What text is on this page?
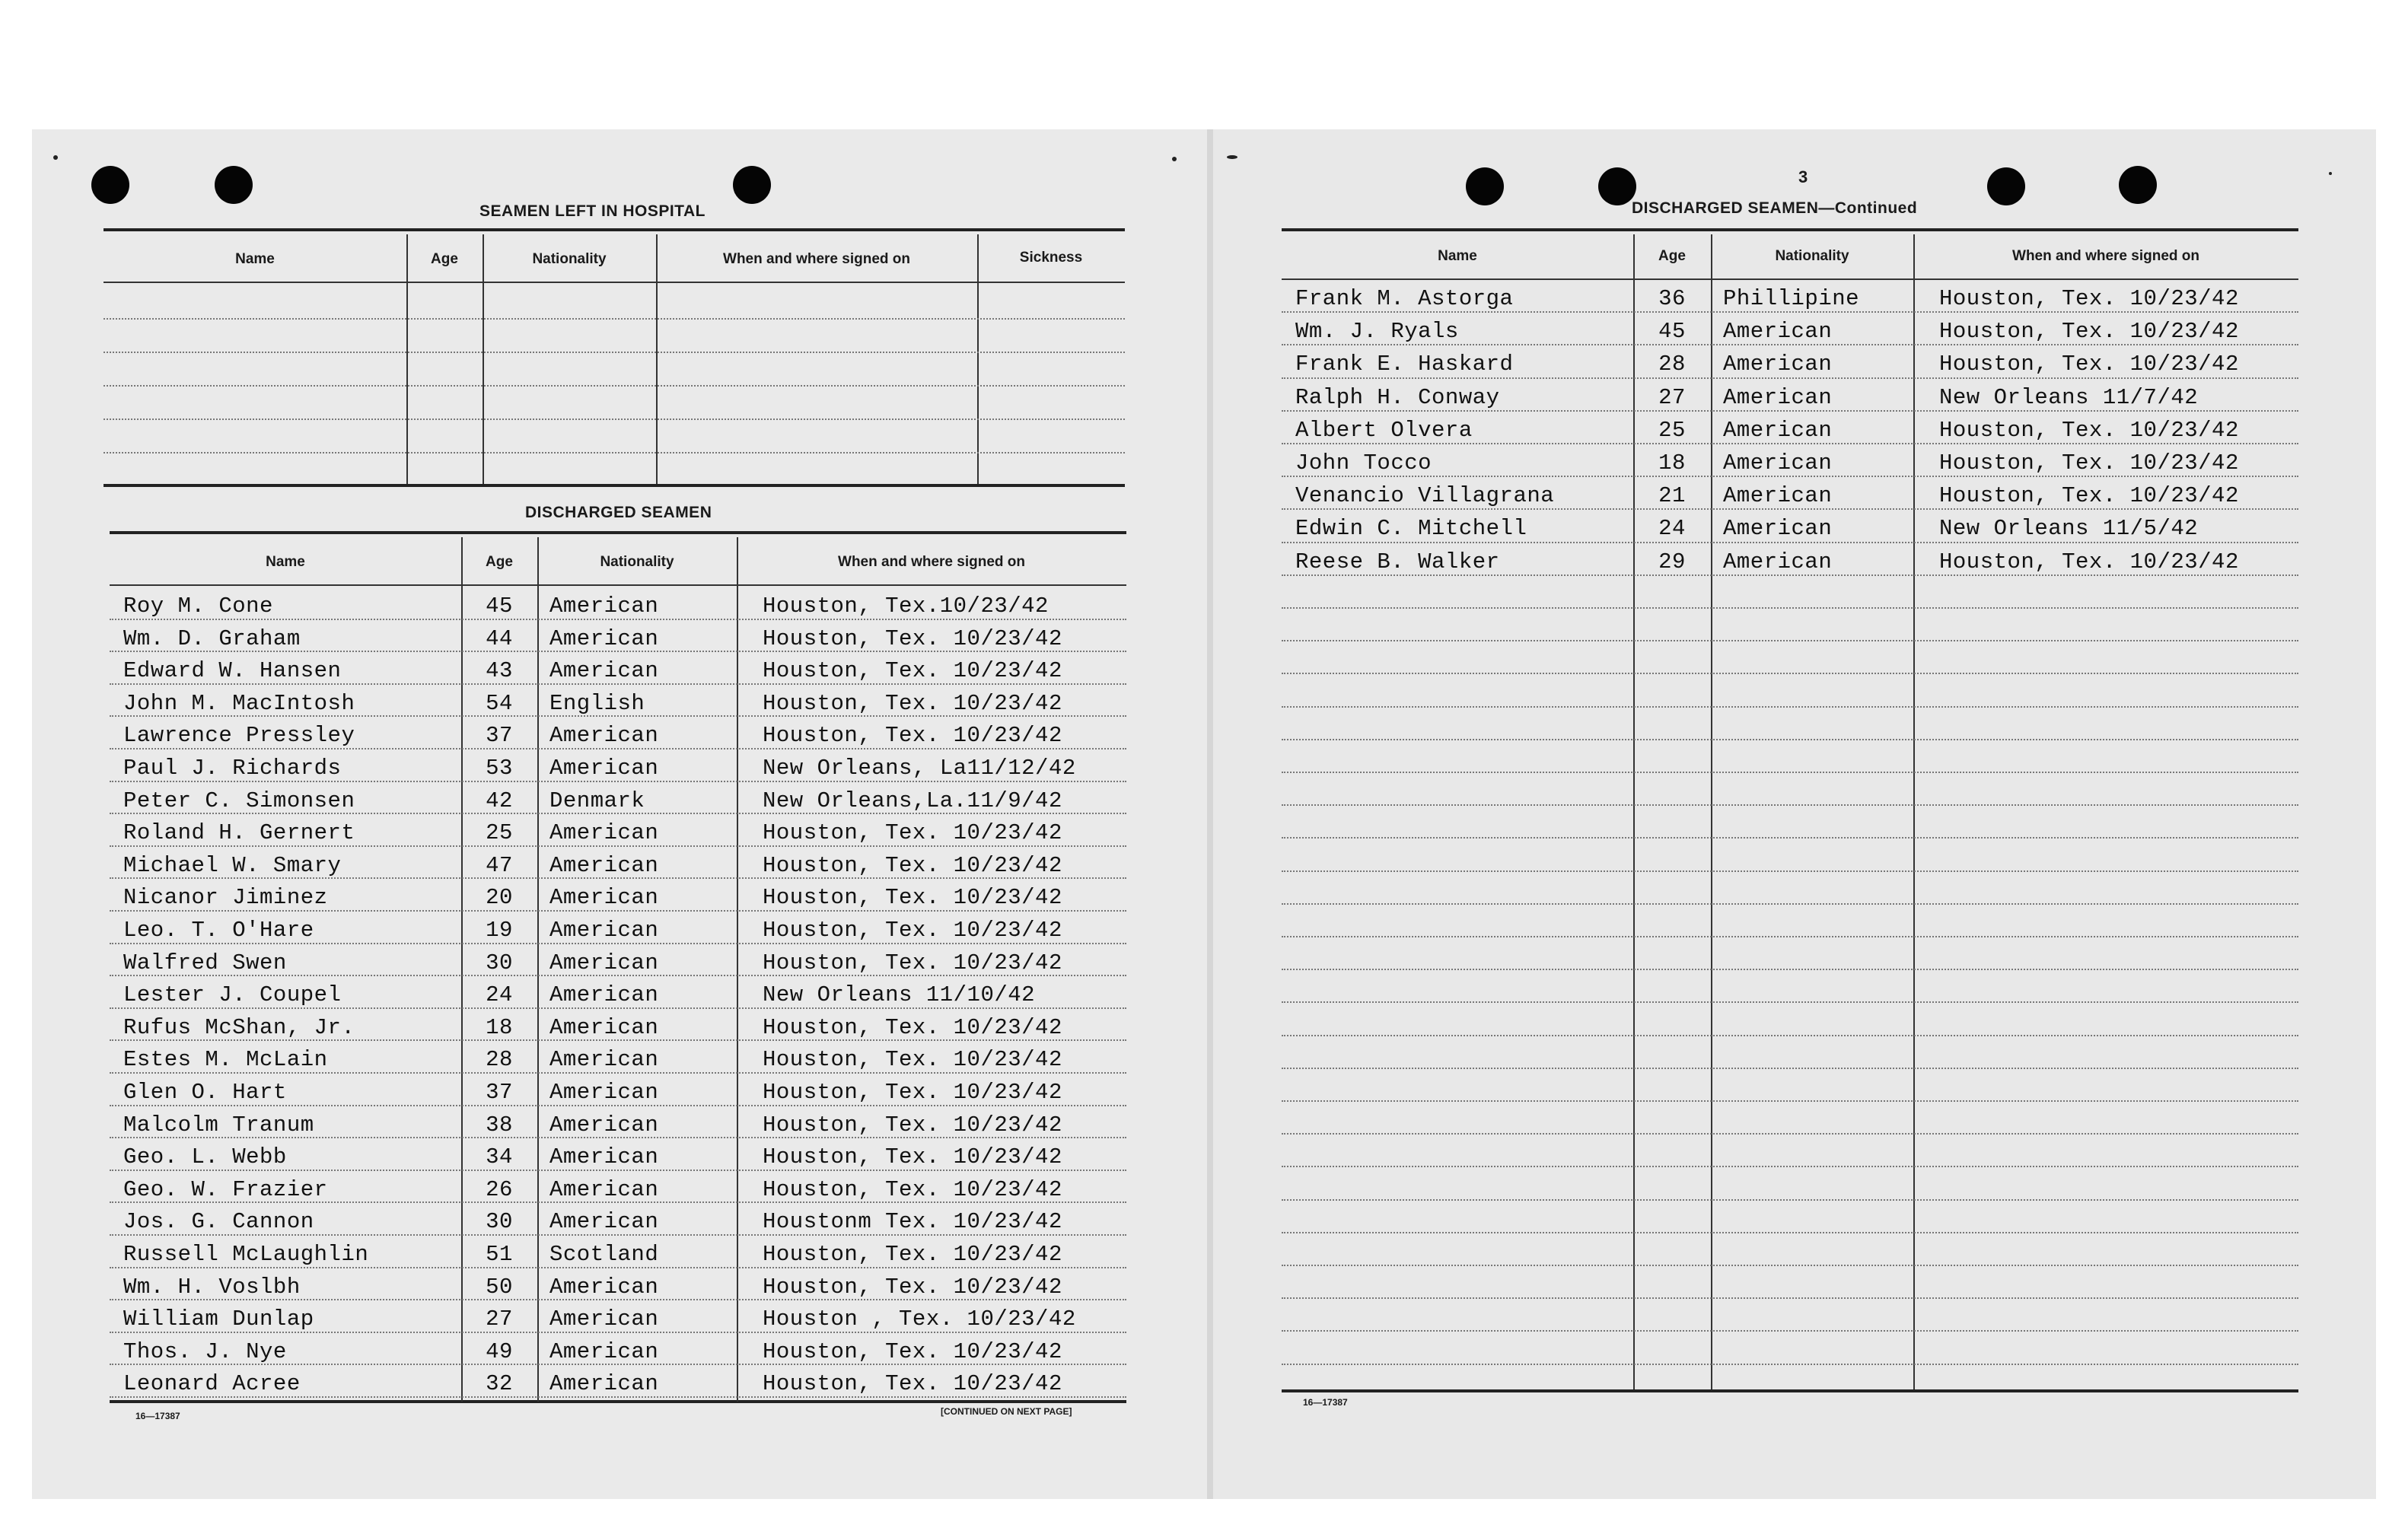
3
SEAMEN LEFT IN HOSPITAL
Name	Age	Nationality	When and where signed on	Sickness
DISCHARGED SEAMEN
Name	Age	Nationality	When and where signed on
Roy M. Cone	45	American	Houston, Tex.10/23/42
Wm. D. Graham	44	American	Houston, Tex. 10/23/42
Edward W. Hansen	43	American	Houston, Tex. 10/23/42
John M. MacIntosh	54	English	Houston, Tex. 10/23/42
Lawrence Pressley	37	American	Houston, Tex. 10/23/42
Paul J. Richards	53	American	New Orleans, La11/12/42
Peter C. Simonsen	42	Denmark	New Orleans,La.11/9/42
Roland H. Gernert	25	American	Houston, Tex. 10/23/42
Michael W. Smary	47	American	Houston, Tex. 10/23/42
Nicanor Jiminez	20	American	Houston, Tex. 10/23/42
Leo. T. O'Hare	19	American	Houston, Tex. 10/23/42
Walfred Swen	30	American	Houston, Tex. 10/23/42
Lester J. Coupel	24	American	New Orleans 11/10/42
Rufus McShan, Jr.	18	American	Houston, Tex. 10/23/42
Estes M. McLain	28	American	Houston, Tex. 10/23/42
Glen O. Hart	37	American	Houston, Tex. 10/23/42
Malcolm Tranum	38	American	Houston, Tex. 10/23/42
Geo. L. Webb	34	American	Houston, Tex. 10/23/42
Geo. W. Frazier	26	American	Houston, Tex. 10/23/42
Jos. G. Cannon	30	American	Houstonm Tex. 10/23/42
Russell McLaughlin	51	Scotland	Houston, Tex. 10/23/42
Wm. H. Voslbh	50	American	Houston, Tex. 10/23/42
William Dunlap	27	American	Houston , Tex. 10/23/42
Thos. J. Nye	49	American	Houston, Tex. 10/23/42
Leonard Acree	32	American	Houston, Tex. 10/23/42
16—17387	[CONTINUED ON NEXT PAGE]
DISCHARGED SEAMEN—Continued
Name	Age	Nationality	When and where signed on
Frank M. Astorga	36	Phillipine	Houston, Tex. 10/23/42
Wm. J. Ryals	45	American	Houston, Tex. 10/23/42
Frank E. Haskard	28	American	Houston, Tex. 10/23/42
Ralph H. Conway	27	American	New Orleans 11/7/42
Albert Olvera	25	American	Houston, Tex. 10/23/42
John Tocco	18	American	Houston, Tex. 10/23/42
Venancio Villagrana	21	American	Houston, Tex. 10/23/42
Edwin C. Mitchell	24	American	New Orleans 11/5/42
Reese B. Walker	29	American	Houston, Tex. 10/23/42
16—17387
